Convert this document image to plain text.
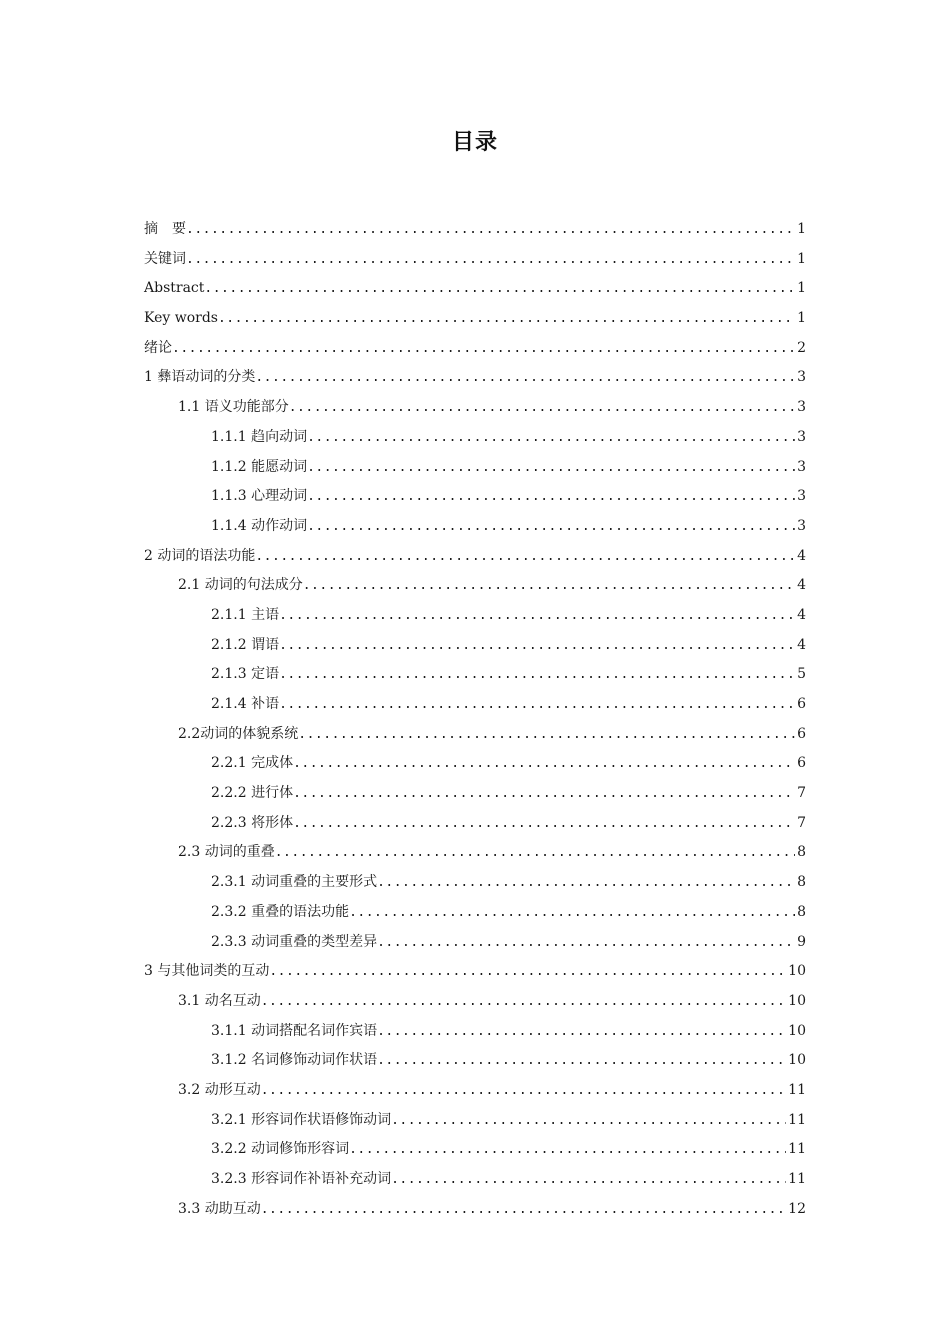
目录
摘　要 .....	1
关键词 .....	1
Abstract .....	1
Key words .....	1
绪论 .....	2
1 彝语动词的分类 .....	3
1.1 语义功能部分 .....	3
1.1.1 趋向动词 .....	3
1.1.2 能愿动词 .....	3
1.1.3 心理动词 .....	3
1.1.4 动作动词 .....	3
2 动词的语法功能 .....	4
2.1 动词的句法成分 .....	4
2.1.1 主语 .....	4
2.1.2 谓语 .....	4
2.1.3 定语 .....	5
2.1.4 补语 .....	6
2.2动词的体貌系统 .....	6
2.2.1 完成体 .....	6
2.2.2 进行体 .....	7
2.2.3 将形体 .....	7
2.3 动词的重叠 .....	8
2.3.1 动词重叠的主要形式 .....	8
2.3.2 重叠的语法功能 .....	8
2.3.3 动词重叠的类型差异 .....	9
3 与其他词类的互动 .....	10
3.1 动名互动 .....	10
3.1.1 动词搭配名词作宾语 .....	10
3.1.2 名词修饰动词作状语 .....	10
3.2 动形互动 .....	11
3.2.1 形容词作状语修饰动词 .....	11
3.2.2 动词修饰形容词 .....	11
3.2.3 形容词作补语补充动词 .....	11
3.3 动助互动 .....	12
